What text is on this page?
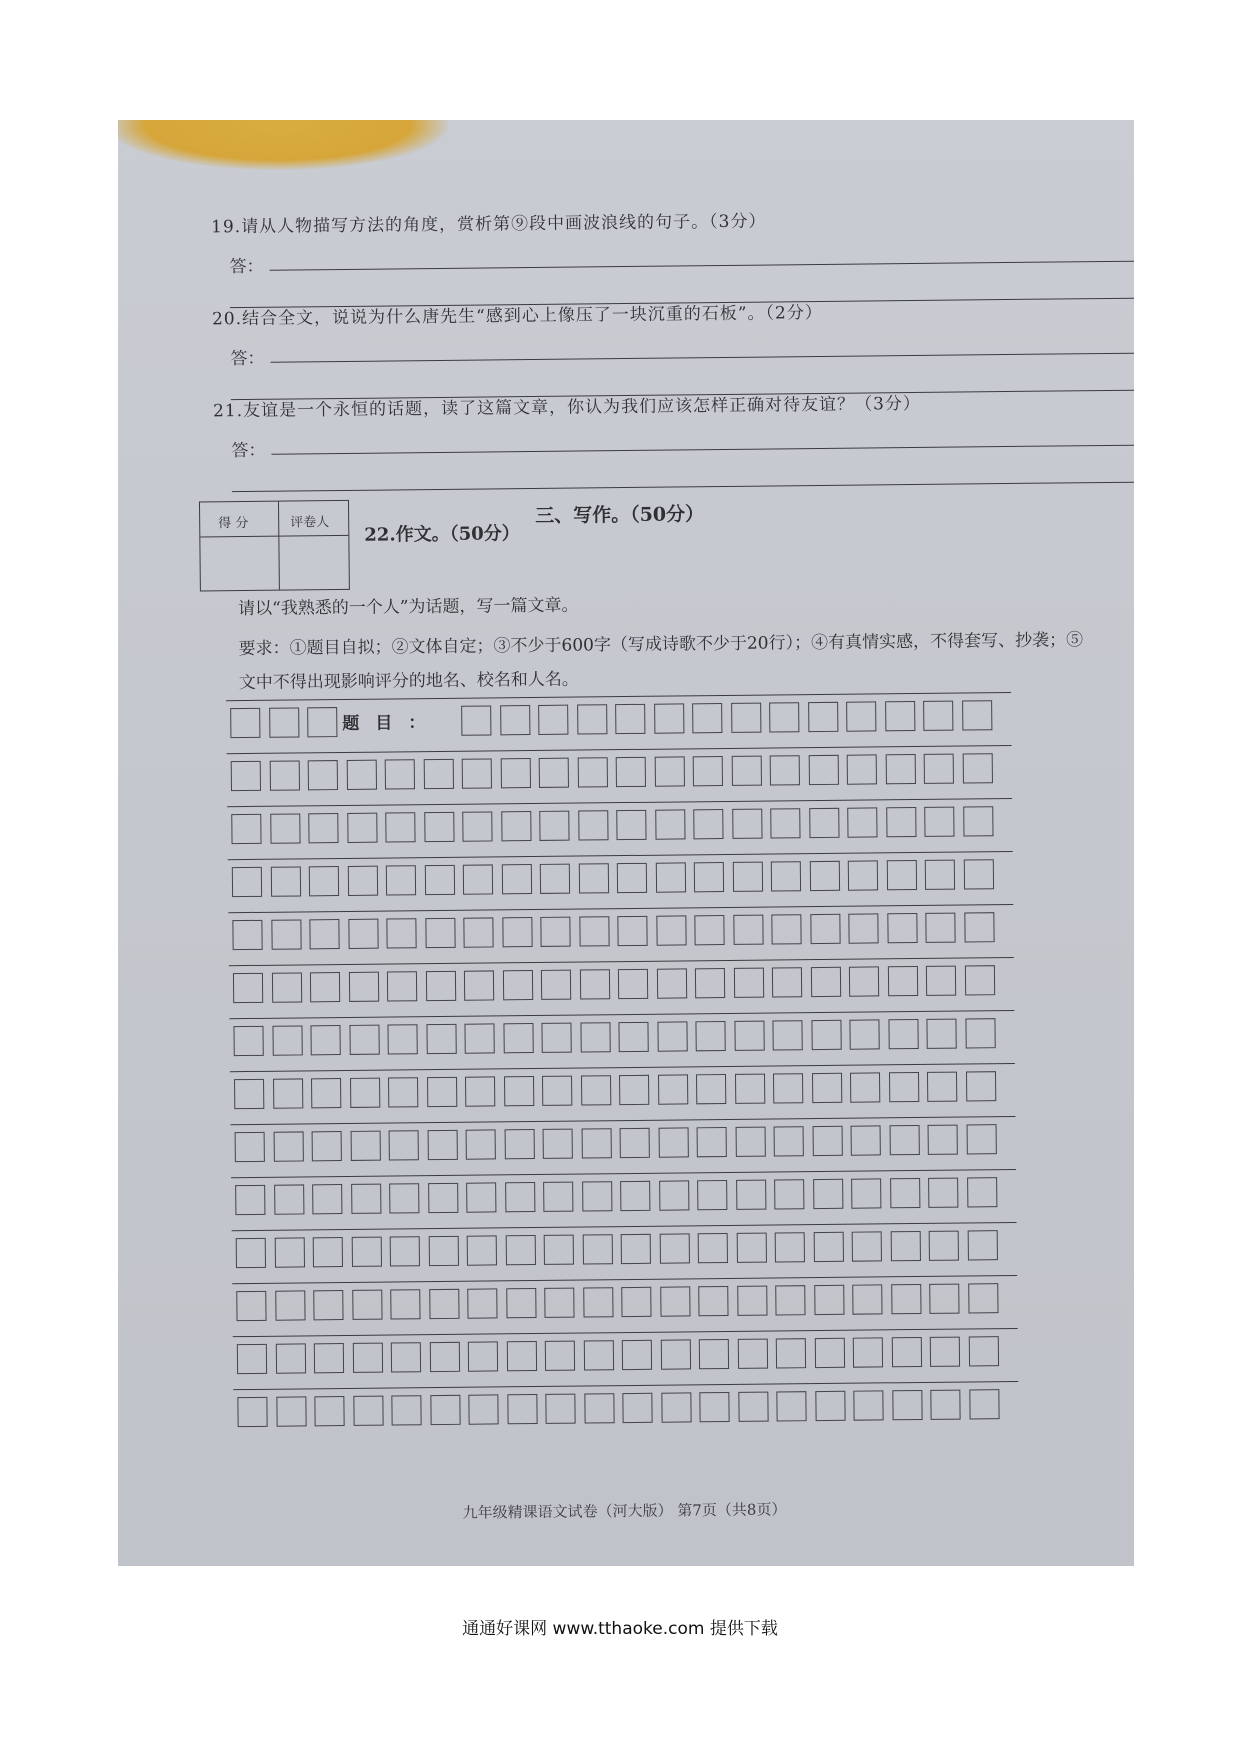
19.请从人物描写方法的角度，赏析第⑨段中画波浪线的句子。（3分）
答：
20.结合全文，说说为什么唐先生“感到心上像压了一块沉重的石板”。（2分）
答：
21.友谊是一个永恒的话题，读了这篇文章，你认为我们应该怎样正确对待友谊？（3分）
答：
得 分	评卷人	三、写作。（50分）
22.作文。（50分）
请以“我熟悉的一个人”为话题，写一篇文章。
要求：①题目自拟；②文体自定；③不少于600字（写成诗歌不少于20行）；④有真情实感，不得套写、抄袭；⑤文中不得出现影响评分的地名、校名和人名。
题目：
九年级精课语文试卷（河大版） 第7页（共8页）
通通好课网 www.tthaoke.com 提供下载
